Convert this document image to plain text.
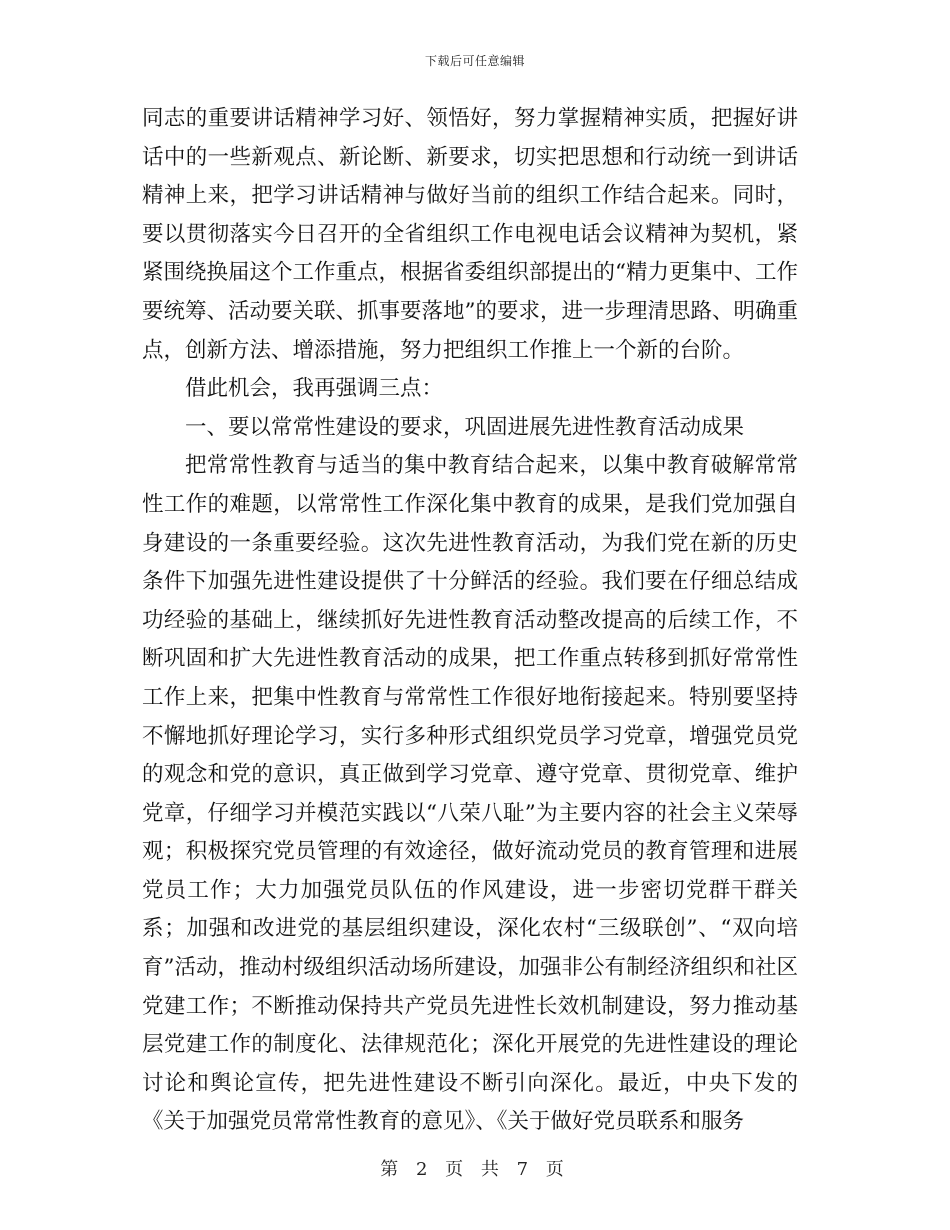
下载后可任意编辑

同志的重要讲话精神学习好、领悟好，努力掌握精神实质，把握好讲话中的一些新观点、新论断、新要求，切实把思想和行动统一到讲话精神上来，把学习讲话精神与做好当前的组织工作结合起来。同时，要以贯彻落实今日召开的全省组织工作电视电话会议精神为契机，紧紧围绕换届这个工作重点，根据省委组织部提出的“精力更集中、工作要统筹、活动要关联、抓事要落地”的要求，进一步理清思路、明确重点，创新方法、增添措施，努力把组织工作推上一个新的台阶。

借此机会，我再强调三点：

一、要以常常性建设的要求，巩固进展先进性教育活动成果

把常常性教育与适当的集中教育结合起来，以集中教育破解常常性工作的难题，以常常性工作深化集中教育的成果，是我们党加强自身建设的一条重要经验。这次先进性教育活动，为我们党在新的历史条件下加强先进性建设提供了十分鲜活的经验。我们要在仔细总结成功经验的基础上，继续抓好先进性教育活动整改提高的后续工作，不断巩固和扩大先进性教育活动的成果，把工作重点转移到抓好常常性工作上来，把集中性教育与常常性工作很好地衔接起来。特别要坚持不懈地抓好理论学习，实行多种形式组织党员学习党章，增强党员党的观念和党的意识，真正做到学习党章、遵守党章、贯彻党章、维护党章，仔细学习并模范实践以“八荣八耻”为主要内容的社会主义荣辱观；积极探究党员管理的有效途径，做好流动党员的教育管理和进展党员工作；大力加强党员队伍的作风建设，进一步密切党群干群关系；加强和改进党的基层组织建设，深化农村“三级联创”、“双向培育”活动，推动村级组织活动场所建设，加强非公有制经济组织和社区党建工作；不断推动保持共产党员先进性长效机制建设，努力推动基层党建工作的制度化、法律规范化；深化开展党的先进性建设的理论讨论和舆论宣传，把先进性建设不断引向深化。最近，中央下发的《关于加强党员常常性教育的意见》、《关于做好党员联系和服务

第 2 页 共 7 页
